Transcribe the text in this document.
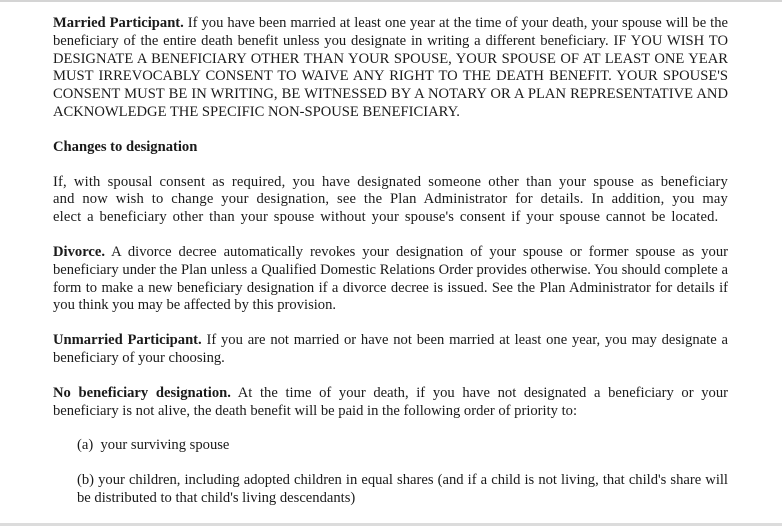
Married Participant. If you have been married at least one year at the time of your death, your spouse will be the beneficiary of the entire death benefit unless you designate in writing a different beneficiary. IF YOU WISH TO DESIGNATE A BENEFICIARY OTHER THAN YOUR SPOUSE, YOUR SPOUSE OF AT LEAST ONE YEAR MUST IRREVOCABLY CONSENT TO WAIVE ANY RIGHT TO THE DEATH BENEFIT. YOUR SPOUSE'S CONSENT MUST BE IN WRITING, BE WITNESSED BY A NOTARY OR A PLAN REPRESENTATIVE AND ACKNOWLEDGE THE SPECIFIC NON-SPOUSE BENEFICIARY.

Changes to designation

If, with spousal consent as required, you have designated someone other than your spouse as beneficiary and now wish to change your designation, see the Plan Administrator for details. In addition, you may elect a beneficiary other than your spouse without your spouse's consent if your spouse cannot be located.

Divorce. A divorce decree automatically revokes your designation of your spouse or former spouse as your beneficiary under the Plan unless a Qualified Domestic Relations Order provides otherwise. You should complete a form to make a new beneficiary designation if a divorce decree is issued. See the Plan Administrator for details if you think you may be affected by this provision.

Unmarried Participant. If you are not married or have not been married at least one year, you may designate a beneficiary of your choosing.

No beneficiary designation. At the time of your death, if you have not designated a beneficiary or your beneficiary is not alive, the death benefit will be paid in the following order of priority to:

(a)  your surviving spouse

(b) your children, including adopted children in equal shares (and if a child is not living, that child's share will be distributed to that child's living descendants)
